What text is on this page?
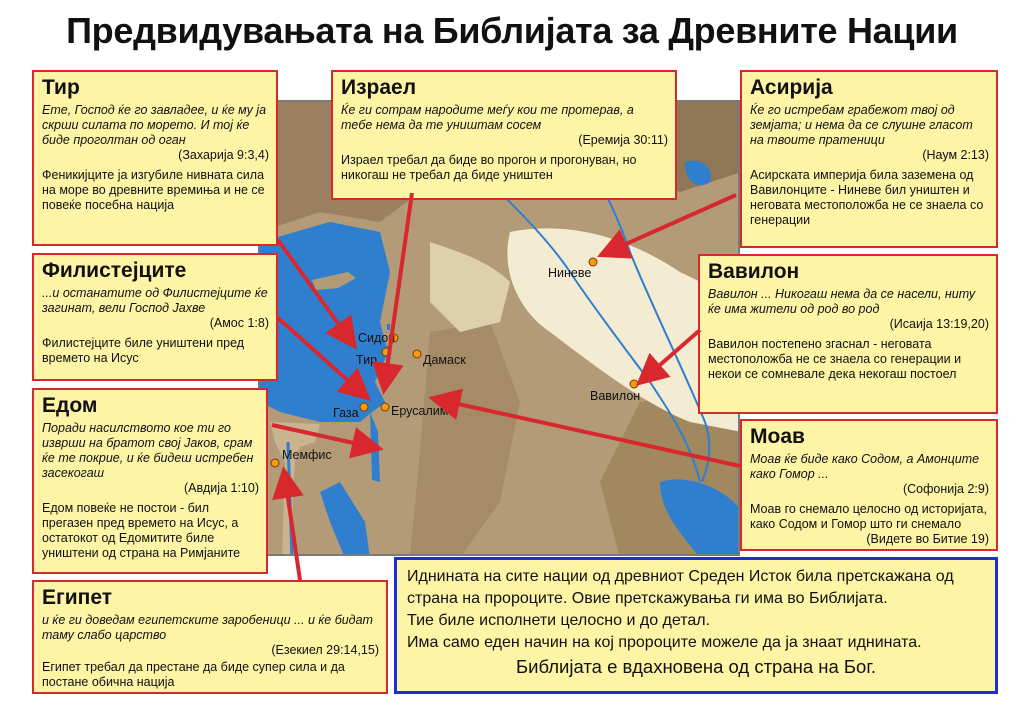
Предвидувањата на Библијата за Древните Нации
Сидон
Тир	Дамаск
Газа	Ерусалим
Мемфис
Ниневе
Вавилон
Тир
Ете, Господ ќе го завладее, и ќе му ја скрши силата по морето. И тој ќе биде проголтан од оган
(Захарија 9:3,4)
Феникијците ја изгубиле нивната сила на море во древните времиња и не се повеќе посебна нација
Филистејците
...и останатите од Филистејците ќе загинат, вели Господ Јахве
(Амос 1:8)
Филистејците биле уништени пред времето на Исус
Едом
Поради насилството кое ти го изврши на братот свој Јаков, срам ќе те покрие, и ќе бидеш истребен засекогаш
(Авдија 1:10)
Едом повеќе не постои - бил прегазен пред времето на Исус, а остатокот од Едомитите биле уништени од страна на Римјаните
Египет
и ќе ги доведам египетските заробеници ... и ќе бидат таму слабо царство
(Езекиел 29:14,15)
Египет требал да престане да биде супер сила и да постане обична нација
Израел
Ќе ги сотрам народите меѓу кои те протерав, а тебе нема да те уништам сосем
(Еремија 30:11)
Израел требал да биде во прогон и прогонуван, но никогаш не требал да биде уништен
Асирија
Ќе го истребам грабежот твој од земјата; и нема да се слушне гласот на твоите пратеници
(Наум 2:13)
Асирската империја била заземена од Вавилонците - Ниневе бил уништен и неговата местоположба не се знаела со генерации
Вавилон
Вавилон ... Никогаш нема да се насели, ниту ќе има жители од род во род
(Исаија 13:19,20)
Вавилон постепено згаснал - неговата местоположба не се знаела со генерации и некои се сомневале дека некогаш постоел
Моав
Моав ќе биде како Содом, а Амонците како Гомор ...
(Софонија 2:9)
Моав го снемало целосно од историјата, како Содом и Гомор што ги снемало
(Видете во Битие 19)
Иднината на сите нации од древниот Среден Исток била претскажана од страна на пророците. Овие претскажувања ги има во Библијата.
Тие биле исполнети целосно и до детал.
Има само еден начин на кој пророците можеле да ја знаат иднината.
Библијата е вдахновена од страна на Бог.
